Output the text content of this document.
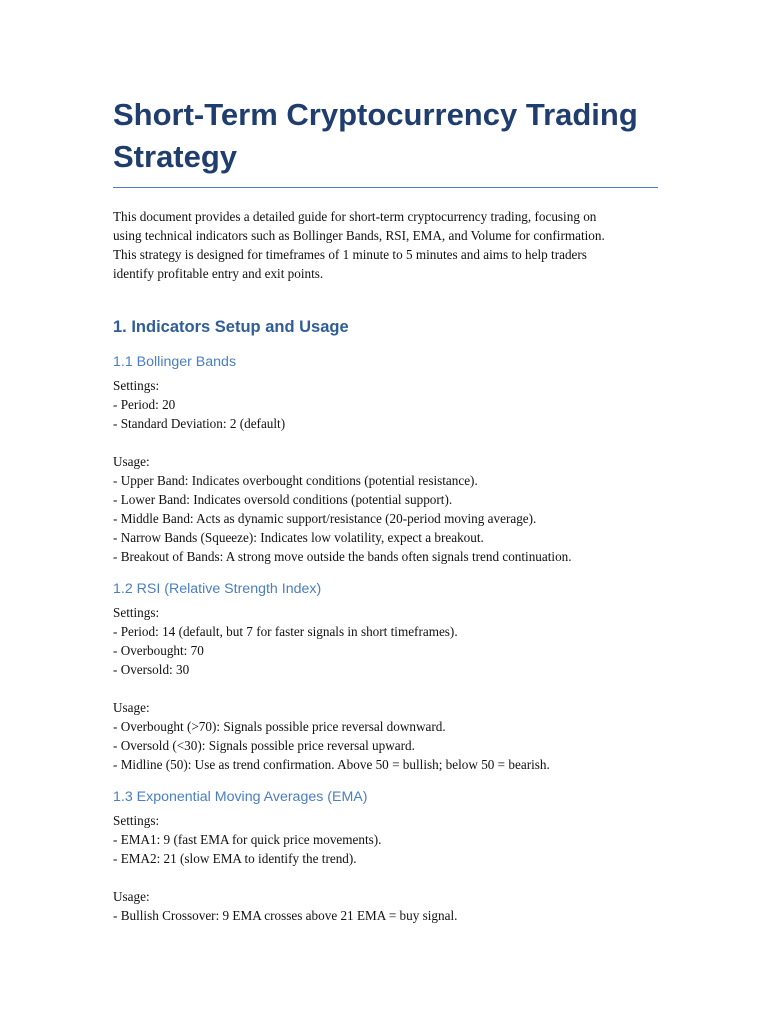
Short-Term Cryptocurrency Trading
Strategy

This document provides a detailed guide for short-term cryptocurrency trading, focusing on
using technical indicators such as Bollinger Bands, RSI, EMA, and Volume for confirmation.
This strategy is designed for timeframes of 1 minute to 5 minutes and aims to help traders
identify profitable entry and exit points.

1. Indicators Setup and Usage
1.1 Bollinger Bands
Settings:
- Period: 20
- Standard Deviation: 2 (default)
Usage:
- Upper Band: Indicates overbought conditions (potential resistance).
- Lower Band: Indicates oversold conditions (potential support).
- Middle Band: Acts as dynamic support/resistance (20-period moving average).
- Narrow Bands (Squeeze): Indicates low volatility, expect a breakout.
- Breakout of Bands: A strong move outside the bands often signals trend continuation.
1.2 RSI (Relative Strength Index)
Settings:
- Period: 14 (default, but 7 for faster signals in short timeframes).
- Overbought: 70
- Oversold: 30
Usage:
- Overbought (>70): Signals possible price reversal downward.
- Oversold (<30): Signals possible price reversal upward.
- Midline (50): Use as trend confirmation. Above 50 = bullish; below 50 = bearish.
1.3 Exponential Moving Averages (EMA)
Settings:
- EMA1: 9 (fast EMA for quick price movements).
- EMA2: 21 (slow EMA to identify the trend).
Usage:
- Bullish Crossover: 9 EMA crosses above 21 EMA = buy signal.
